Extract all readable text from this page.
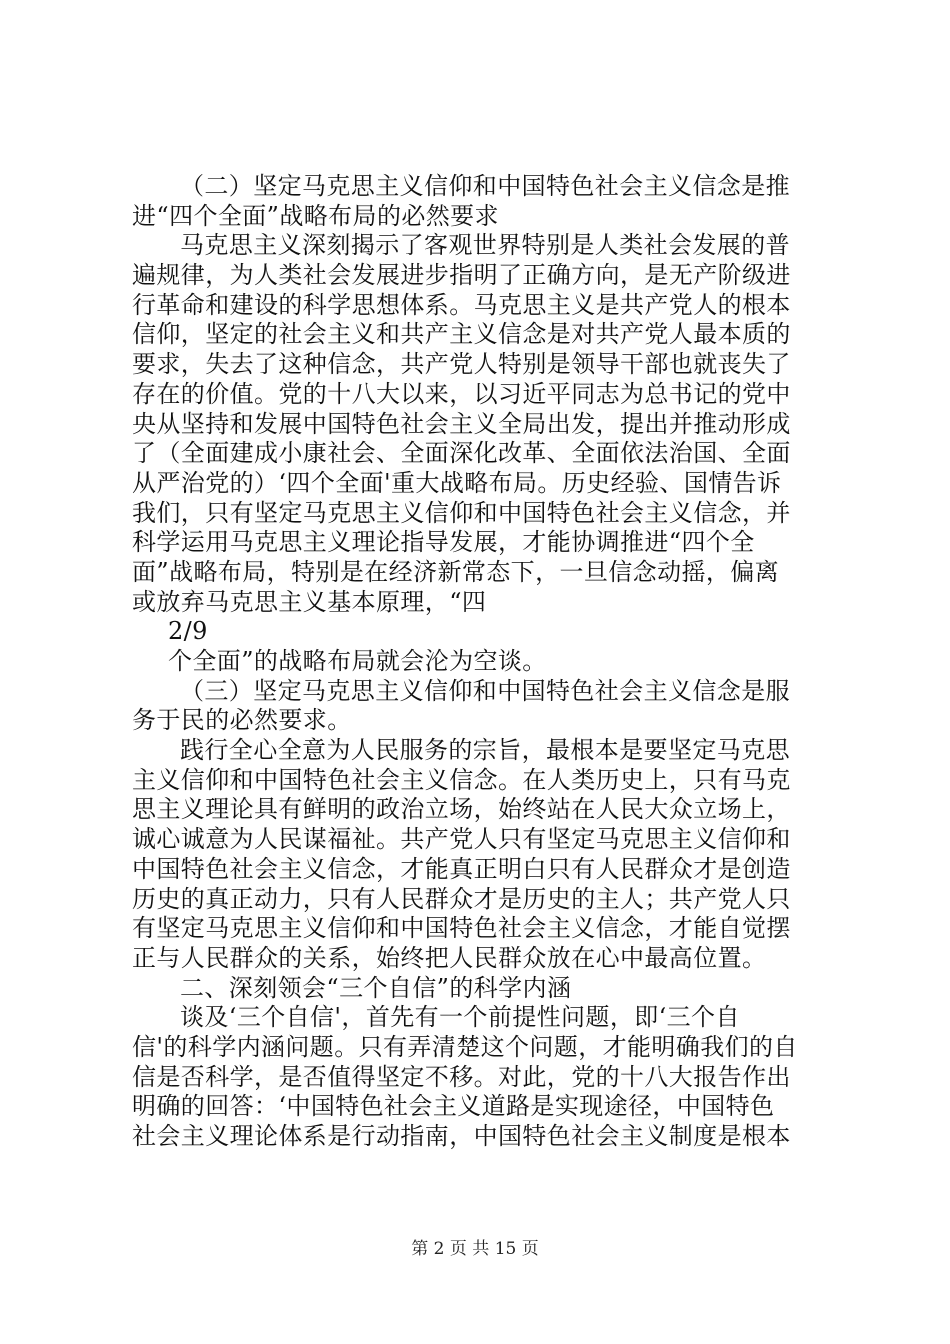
（二）坚定马克思主义信仰和中国特色社会主义信念是推
进“四个全面”战略布局的必然要求
马克思主义深刻揭示了客观世界特别是人类社会发展的普
遍规律，为人类社会发展进步指明了正确方向，是无产阶级进
行革命和建设的科学思想体系。马克思主义是共产党人的根本
信仰，坚定的社会主义和共产主义信念是对共产党人最本质的
要求，失去了这种信念，共产党人特别是领导干部也就丧失了
存在的价值。党的十八大以来，以习近平同志为总书记的党中
央从坚持和发展中国特色社会主义全局出发，提出并推动形成
了（全面建成小康社会、全面深化改革、全面依法治国、全面
从严治党的）‘四个全面'重大战略布局。历史经验、国情告诉
我们，只有坚定马克思主义信仰和中国特色社会主义信念，并
科学运用马克思主义理论指导发展，才能协调推进“四个全
面”战略布局，特别是在经济新常态下，一旦信念动摇，偏离
或放弃马克思主义基本原理，“四
2/9
个全面”的战略布局就会沦为空谈。
（三）坚定马克思主义信仰和中国特色社会主义信念是服
务于民的必然要求。
践行全心全意为人民服务的宗旨，最根本是要坚定马克思
主义信仰和中国特色社会主义信念。在人类历史上，只有马克
思主义理论具有鲜明的政治立场，始终站在人民大众立场上，
诚心诚意为人民谋福祉。共产党人只有坚定马克思主义信仰和
中国特色社会主义信念，才能真正明白只有人民群众才是创造
历史的真正动力，只有人民群众才是历史的主人；共产党人只
有坚定马克思主义信仰和中国特色社会主义信念，才能自觉摆
正与人民群众的关系，始终把人民群众放在心中最高位置。
二、深刻领会“三个自信”的科学内涵
谈及‘三个自信'，首先有一个前提性问题，即‘三个自
信'的科学内涵问题。只有弄清楚这个问题，才能明确我们的自
信是否科学，是否值得坚定不移。对此，党的十八大报告作出
明确的回答：‘中国特色社会主义道路是实现途径，中国特色
社会主义理论体系是行动指南，中国特色社会主义制度是根本
第 2 页 共 15 页
